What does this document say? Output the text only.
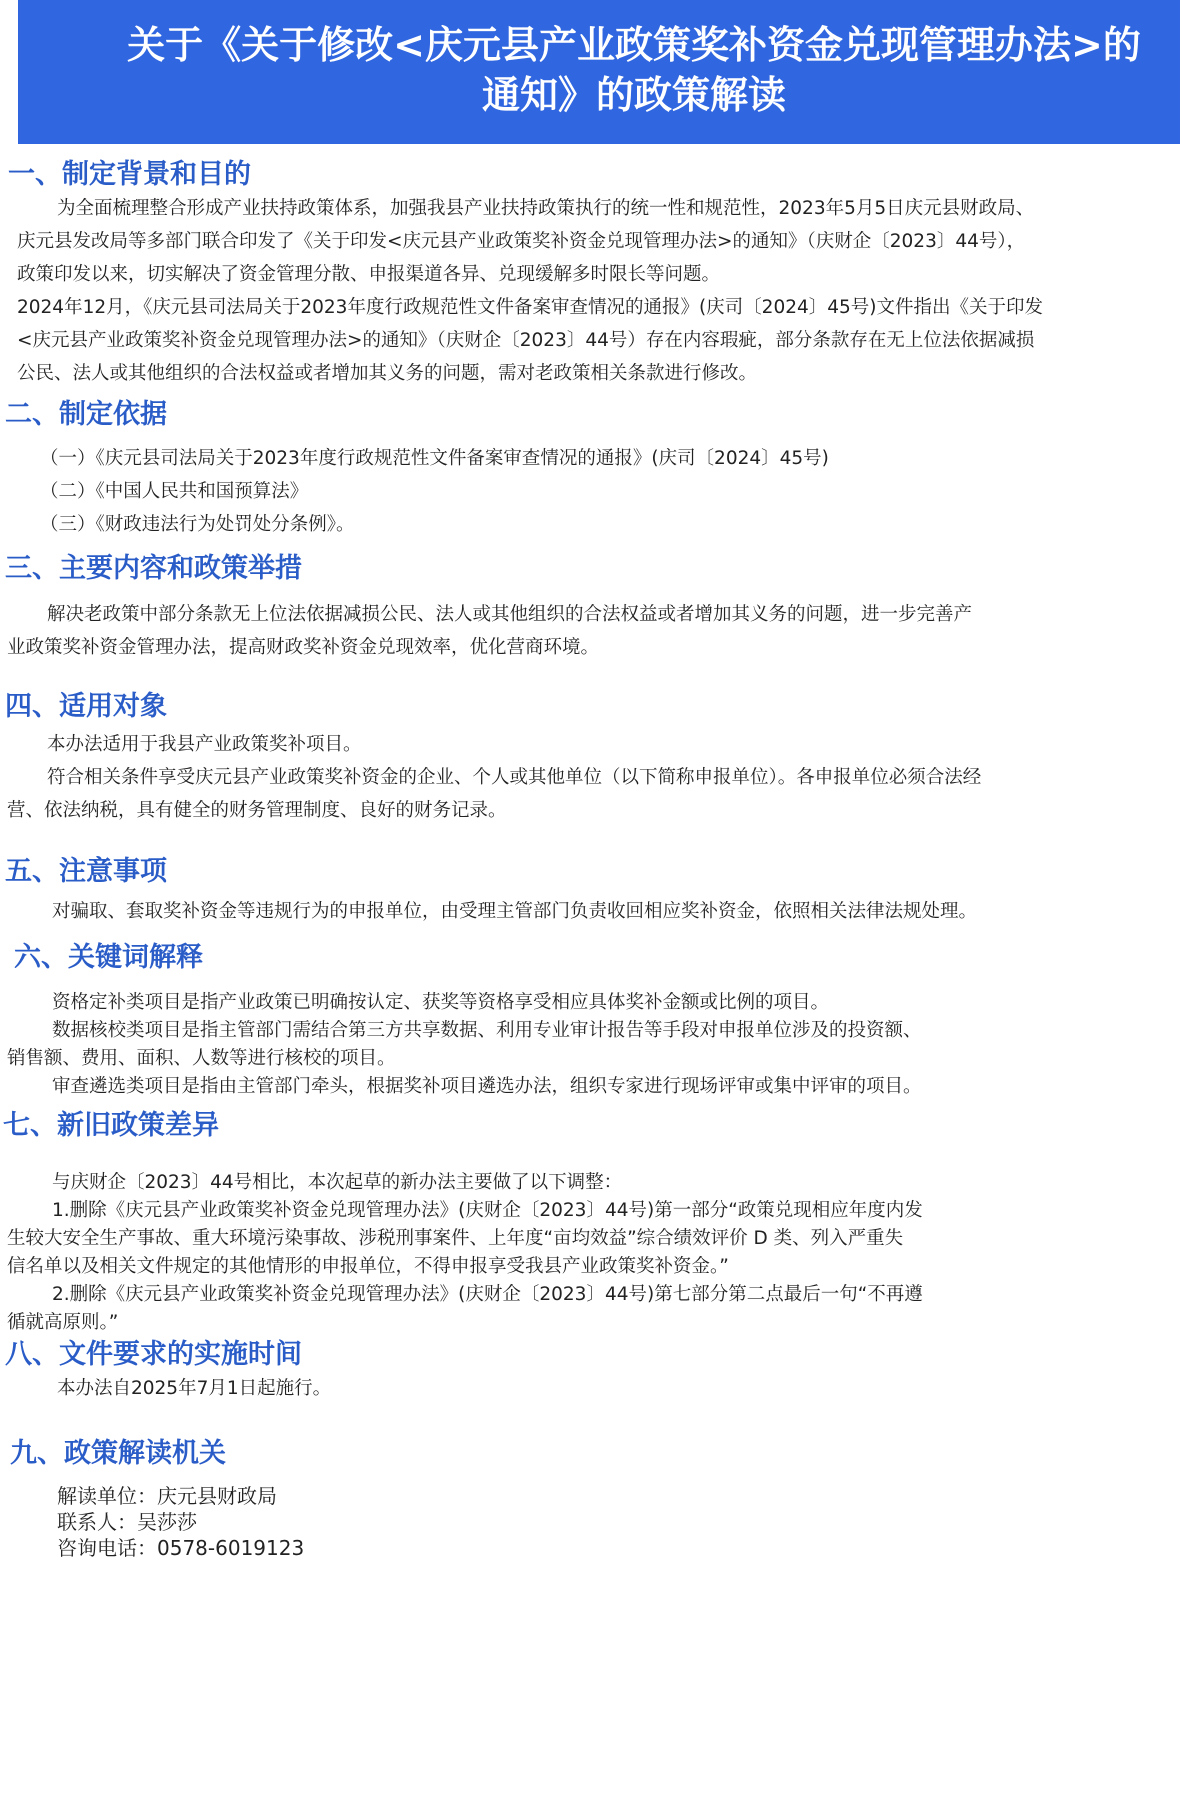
关于《关于修改<庆元县产业政策奖补资金兑现管理办法>的
通知》的政策解读
一、制定背景和目的
为全面梳理整合形成产业扶持政策体系，加强我县产业扶持政策执行的统一性和规范性，2023年5月5日庆元县财政局、
庆元县发改局等多部门联合印发了《关于印发<庆元县产业政策奖补资金兑现管理办法>的通知》（庆财企〔2023〕44号），
政策印发以来，切实解决了资金管理分散、申报渠道各异、兑现缓解多时限长等问题。
2024年12月，《庆元县司法局关于2023年度行政规范性文件备案审查情况的通报》(庆司〔2024〕45号)文件指出《关于印发
<庆元县产业政策奖补资金兑现管理办法>的通知》（庆财企〔2023〕44号）存在内容瑕疵，部分条款存在无上位法依据减损
公民、法人或其他组织的合法权益或者增加其义务的问题，需对老政策相关条款进行修改。
二、制定依据
（一）《庆元县司法局关于2023年度行政规范性文件备案审查情况的通报》(庆司〔2024〕45号)
（二）《中国人民共和国预算法》
（三）《财政违法行为处罚处分条例》。
三、主要内容和政策举措
解决老政策中部分条款无上位法依据减损公民、法人或其他组织的合法权益或者增加其义务的问题，进一步完善产
业政策奖补资金管理办法，提高财政奖补资金兑现效率，优化营商环境。
四、适用对象
本办法适用于我县产业政策奖补项目。
符合相关条件享受庆元县产业政策奖补资金的企业、个人或其他单位（以下简称申报单位）。各申报单位必须合法经
营、依法纳税，具有健全的财务管理制度、良好的财务记录。
五、注意事项
对骗取、套取奖补资金等违规行为的申报单位，由受理主管部门负责收回相应奖补资金，依照相关法律法规处理。
六、关键词解释
资格定补类项目是指产业政策已明确按认定、获奖等资格享受相应具体奖补金额或比例的项目。
数据核校类项目是指主管部门需结合第三方共享数据、利用专业审计报告等手段对申报单位涉及的投资额、
销售额、费用、面积、人数等进行核校的项目。
审查遴选类项目是指由主管部门牵头，根据奖补项目遴选办法，组织专家进行现场评审或集中评审的项目。
七、新旧政策差异
与庆财企〔2023〕44号相比，本次起草的新办法主要做了以下调整：
1.删除《庆元县产业政策奖补资金兑现管理办法》(庆财企〔2023〕44号)第一部分“政策兑现相应年度内发
生较大安全生产事故、重大环境污染事故、涉税刑事案件、上年度“亩均效益”综合绩效评价 D 类、列入严重失
信名单以及相关文件规定的其他情形的申报单位，不得申报享受我县产业政策奖补资金。”
2.删除《庆元县产业政策奖补资金兑现管理办法》(庆财企〔2023〕44号)第七部分第二点最后一句“不再遵
循就高原则。”
八、文件要求的实施时间
本办法自2025年7月1日起施行。
九、政策解读机关
解读单位：庆元县财政局
联系人：吴莎莎
咨询电话：0578-6019123
